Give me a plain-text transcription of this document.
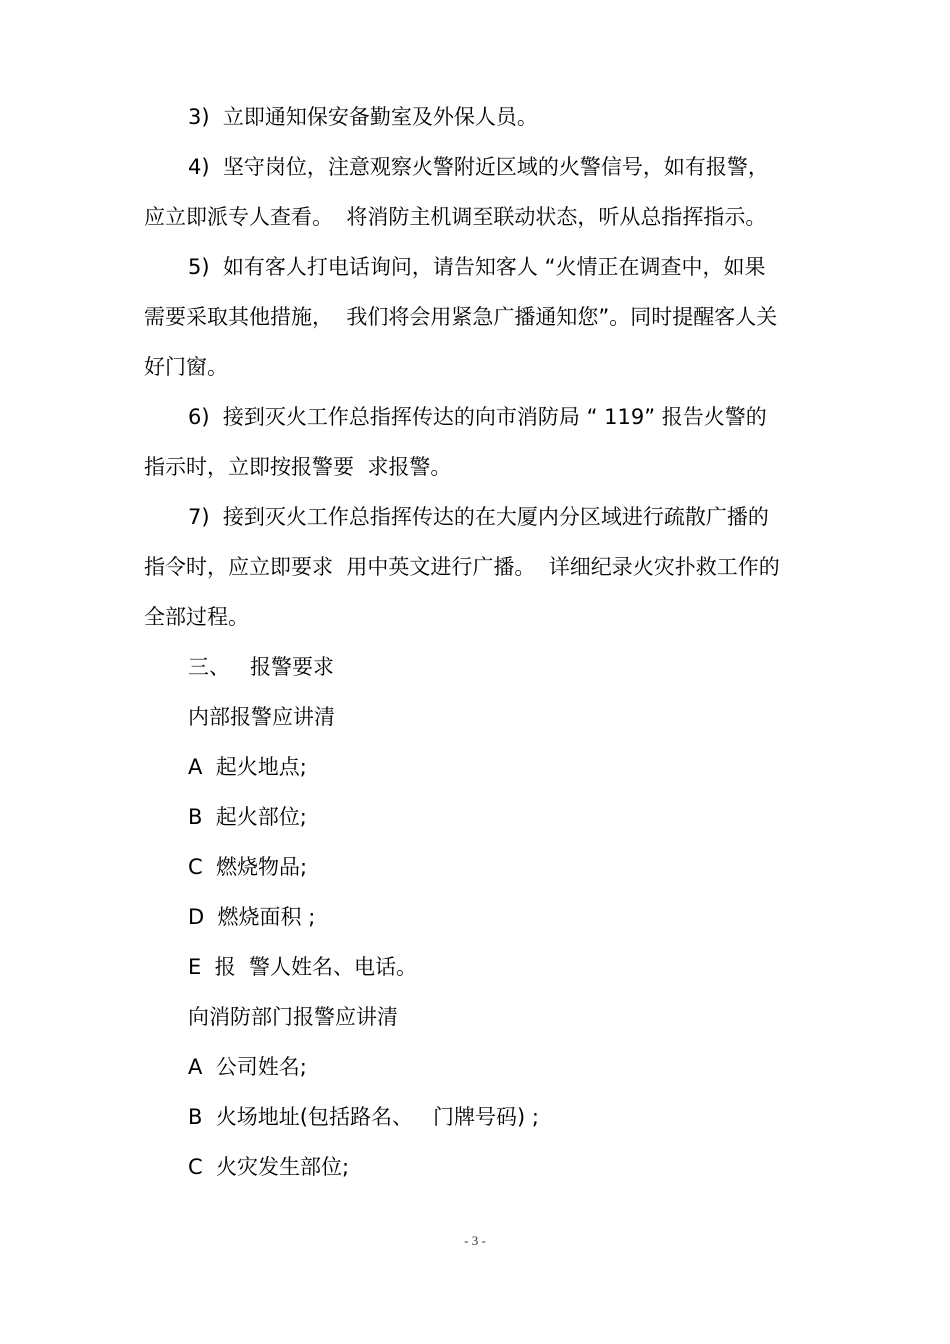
3)  立即通知保安备勤室及外保人员。
4)  坚守岗位，注意观察火警附近区域的火警信号，如有报警，
应立即派专人查看。  将消防主机调至联动状态，听从总指挥指示。
5)  如有客人打电话询问，请告知客人 “火情正在调查中，如果
需要采取其他措施，  我们将会用紧急广播通知您”。同时提醒客人关
好门窗。
6)  接到灭火工作总指挥传达的向市消防局 “ 119” 报告火警的
指示时，立即按报警要  求报警。
7)  接到灭火工作总指挥传达的在大厦内分区域进行疏散广播的
指令时，应立即要求  用中英文进行广播。  详细纪录火灾扑救工作的
全部过程。
三、   报警要求
内部报警应讲清
A  起火地点;
B  起火部位;
C  燃烧物品;
D  燃烧面积 ;
E  报  警人姓名、电话。
向消防部门报警应讲清
A  公司姓名;
B  火场地址(包括路名、   门牌号码) ;
C  火灾发生部位;
- 3 -
